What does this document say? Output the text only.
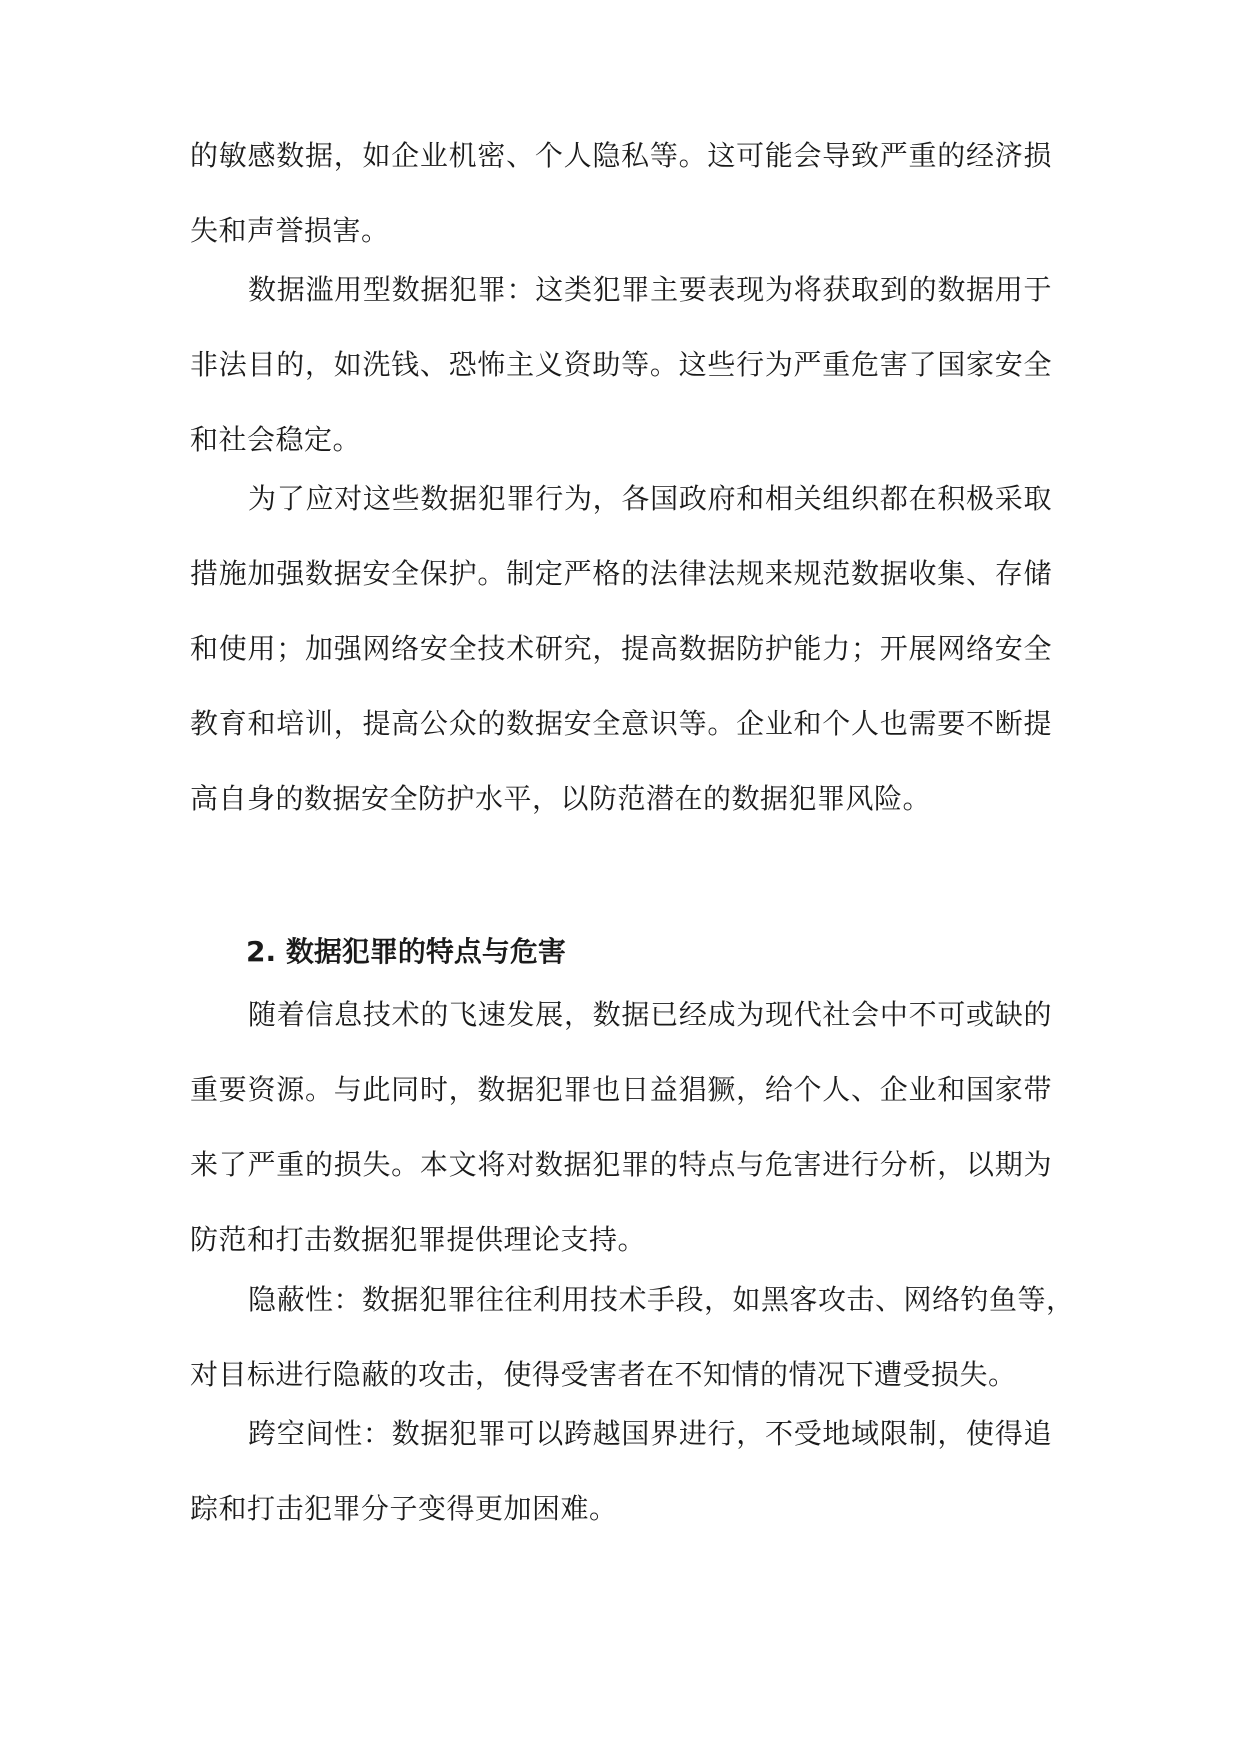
的敏感数据，如企业机密、个人隐私等。这可能会导致严重的经济损
失和声誉损害。
数据滥用型数据犯罪：这类犯罪主要表现为将获取到的数据用于
非法目的，如洗钱、恐怖主义资助等。这些行为严重危害了国家安全
和社会稳定。
为了应对这些数据犯罪行为，各国政府和相关组织都在积极采取
措施加强数据安全保护。制定严格的法律法规来规范数据收集、存储
和使用；加强网络安全技术研究，提高数据防护能力；开展网络安全
教育和培训，提高公众的数据安全意识等。企业和个人也需要不断提
高自身的数据安全防护水平，以防范潜在的数据犯罪风险。
2. 数据犯罪的特点与危害
随着信息技术的飞速发展，数据已经成为现代社会中不可或缺的
重要资源。与此同时，数据犯罪也日益猖獗，给个人、企业和国家带
来了严重的损失。本文将对数据犯罪的特点与危害进行分析，以期为
防范和打击数据犯罪提供理论支持。
隐蔽性：数据犯罪往往利用技术手段，如黑客攻击、网络钓鱼等，
对目标进行隐蔽的攻击，使得受害者在不知情的情况下遭受损失。
跨空间性：数据犯罪可以跨越国界进行，不受地域限制，使得追
踪和打击犯罪分子变得更加困难。
